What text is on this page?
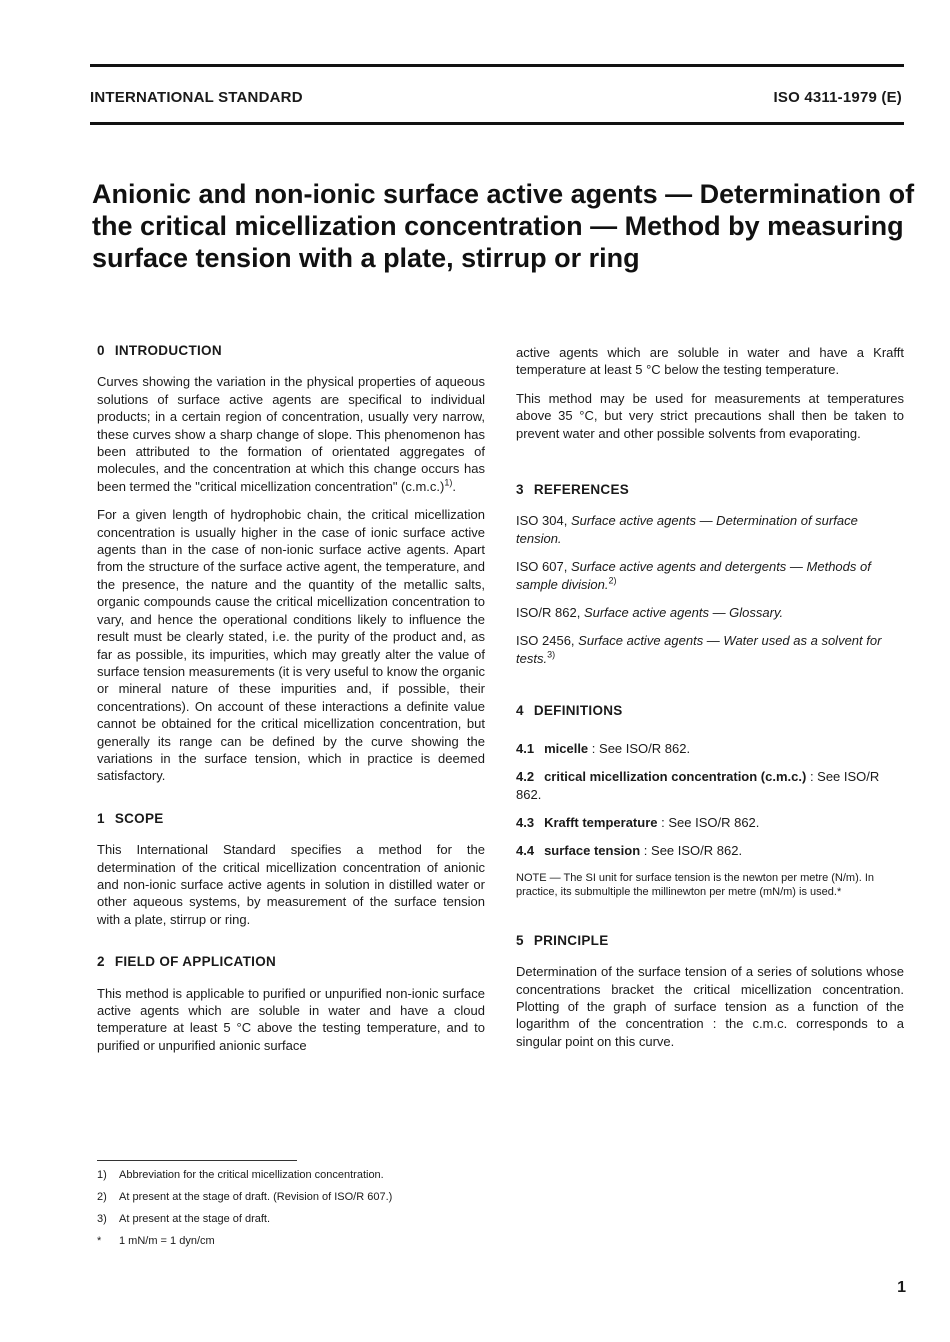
INTERNATIONAL STANDARD	ISO 4311-1979 (E)
Anionic and non-ionic surface active agents — Determination of the critical micellization concentration — Method by measuring surface tension with a plate, stirrup or ring
0 INTRODUCTION

Curves showing the variation in the physical properties of aqueous solutions of surface active agents are specifical to individual products; in a certain region of concentration, usually very narrow, these curves show a sharp change of slope. This phenomenon has been attributed to the formation of orientated aggregates of molecules, and the concentration at which this change occurs has been termed the "critical micellization concentration" $(c.m.c.)^{1)}$.

For a given length of hydrophobic chain, the critical micellization concentration is usually higher in the case of ionic surface active agents than in the case of non-ionic surface active agents. Apart from the structure of the surface active agent, the temperature, and the presence, the nature and the quantity of the metallic salts, organic compounds cause the critical micellization concentration to vary, and hence the operational conditions likely to influence the result must be clearly stated, i.e. the purity of the product and, as far as possible, its impurities, which may greatly alter the value of surface tension measurements (it is very useful to know the organic or mineral nature of these impurities and, if possible, their concentrations). On account of these interactions a definite value cannot be obtained for the critical micellization concentration, but generally its range can be defined by the curve showing the variations in the surface tension, which in practice is deemed satisfactory.

1 SCOPE

This International Standard specifies a method for the determination of the critical micellization concentration of anionic and non-ionic surface active agents in solution in distilled water or other aqueous systems, by measurement of the surface tension with a plate, stirrup or ring.

2 FIELD OF APPLICATION

This method is applicable to purified or unpurified non-ionic surface active agents which are soluble in water and have a cloud temperature at least 5 °C above the testing temperature, and to purified or unpurified anionic surface

active agents which are soluble in water and have a Krafft temperature at least 5 °C below the testing temperature.

This method may be used for measurements at temperatures above 35 °C, but very strict precautions shall then be taken to prevent water and other possible solvents from evaporating.

3 REFERENCES

ISO 304, Surface active agents — Determination of surface tension.

ISO 607, Surface active agents and detergents — Methods of sample division.$^{2)}$

ISO/R 862, Surface active agents — Glossary.

ISO 2456, Surface active agents — Water used as a solvent for tests.$^{3)}$

4 DEFINITIONS

4.1 micelle : See ISO/R 862.

4.2 critical micellization concentration (c.m.c.) : See ISO/R 862.

4.3 Krafft temperature : See ISO/R 862.

4.4 surface tension : See ISO/R 862.

NOTE — The SI unit for surface tension is the newton per metre (N/m). In practice, its submultiple the millinewton per metre (mN/m) is used.*

5 PRINCIPLE

Determination of the surface tension of a series of solutions whose concentrations bracket the critical micellization concentration. Plotting of the graph of surface tension as a function of the logarithm of the concentration : the c.m.c. corresponds to a singular point on this curve.

1) Abbreviation for the critical micellization concentration.
2) At present at the stage of draft. (Revision of ISO/R 607.)
3) At present at the stage of draft.
* 1 mN/m = 1 dyn/cm
1
